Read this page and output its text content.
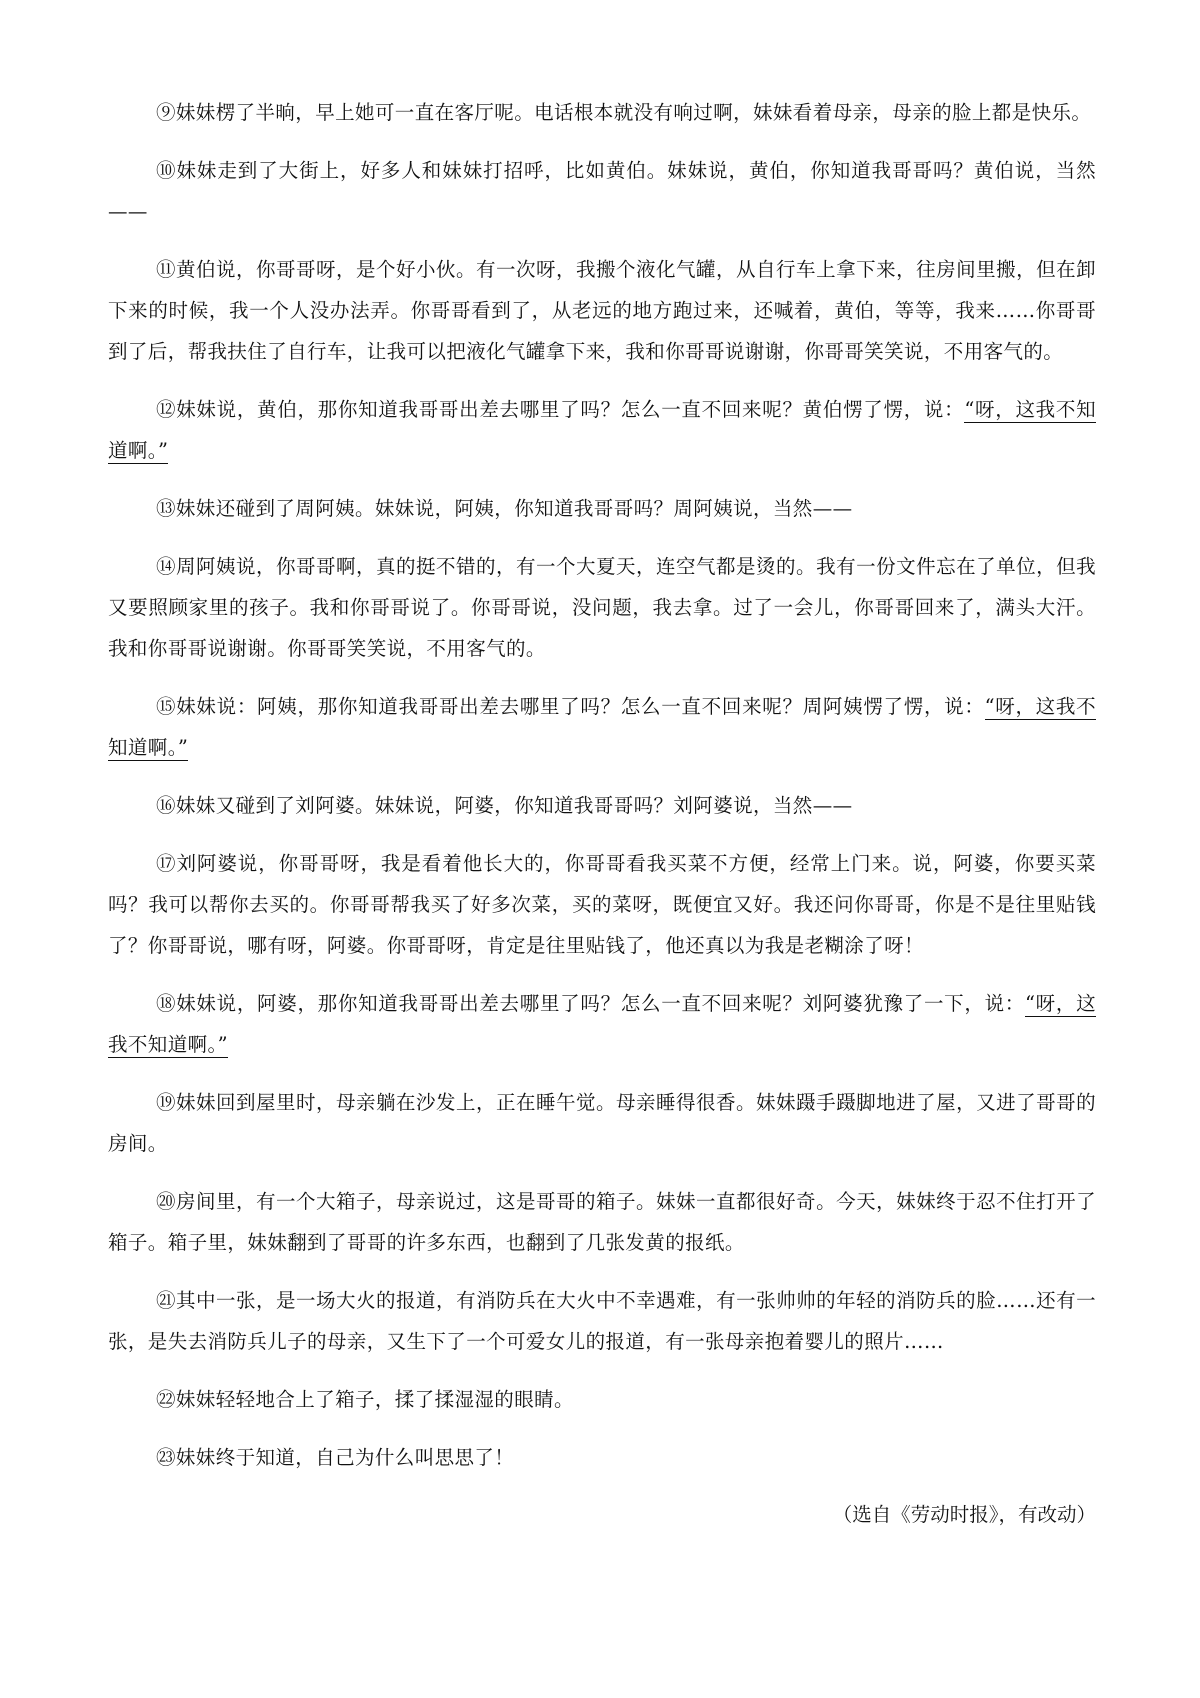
⑨妹妹楞了半晌，早上她可一直在客厅呢。电话根本就没有响过啊，妹妹看着母亲，母亲的脸上都是快乐。

⑩妹妹走到了大街上，好多人和妹妹打招呼，比如黄伯。妹妹说，黄伯，你知道我哥哥吗？黄伯说，当然——

⑪黄伯说，你哥哥呀，是个好小伙。有一次呀，我搬个液化气罐，从自行车上拿下来，往房间里搬，但在卸下来的时候，我一个人没办法弄。你哥哥看到了，从老远的地方跑过来，还喊着，黄伯，等等，我来……你哥哥到了后，帮我扶住了自行车，让我可以把液化气罐拿下来，我和你哥哥说谢谢，你哥哥笑笑说，不用客气的。

⑫妹妹说，黄伯，那你知道我哥哥出差去哪里了吗？怎么一直不回来呢？黄伯愣了愣，说：“呀，这我不知道啊。”

⑬妹妹还碰到了周阿姨。妹妹说，阿姨，你知道我哥哥吗？周阿姨说，当然——

⑭周阿姨说，你哥哥啊，真的挺不错的，有一个大夏天，连空气都是烫的。我有一份文件忘在了单位，但我又要照顾家里的孩子。我和你哥哥说了。你哥哥说，没问题，我去拿。过了一会儿，你哥哥回来了，满头大汗。我和你哥哥说谢谢。你哥哥笑笑说，不用客气的。

⑮妹妹说：阿姨，那你知道我哥哥出差去哪里了吗？怎么一直不回来呢？周阿姨愣了愣，说：“呀，这我不知道啊。”

⑯妹妹又碰到了刘阿婆。妹妹说，阿婆，你知道我哥哥吗？刘阿婆说，当然——

⑰刘阿婆说，你哥哥呀，我是看着他长大的，你哥哥看我买菜不方便，经常上门来。说，阿婆，你要买菜吗？我可以帮你去买的。你哥哥帮我买了好多次菜，买的菜呀，既便宜又好。我还问你哥哥，你是不是往里贴钱了？你哥哥说，哪有呀，阿婆。你哥哥呀，肯定是往里贴钱了，他还真以为我是老糊涂了呀！

⑱妹妹说，阿婆，那你知道我哥哥出差去哪里了吗？怎么一直不回来呢？刘阿婆犹豫了一下，说：“呀，这我不知道啊。”

⑲妹妹回到屋里时，母亲躺在沙发上，正在睡午觉。母亲睡得很香。妹妹蹑手蹑脚地进了屋，又进了哥哥的房间。

⑳房间里，有一个大箱子，母亲说过，这是哥哥的箱子。妹妹一直都很好奇。今天，妹妹终于忍不住打开了箱子。箱子里，妹妹翻到了哥哥的许多东西，也翻到了几张发黄的报纸。

㉑其中一张，是一场大火的报道，有消防兵在大火中不幸遇难，有一张帅帅的年轻的消防兵的脸……还有一张，是失去消防兵儿子的母亲，又生下了一个可爱女儿的报道，有一张母亲抱着婴儿的照片……

㉒妹妹轻轻地合上了箱子，揉了揉湿湿的眼睛。

㉓妹妹终于知道，自己为什么叫思思了！

（选自《劳动时报》，有改动）
